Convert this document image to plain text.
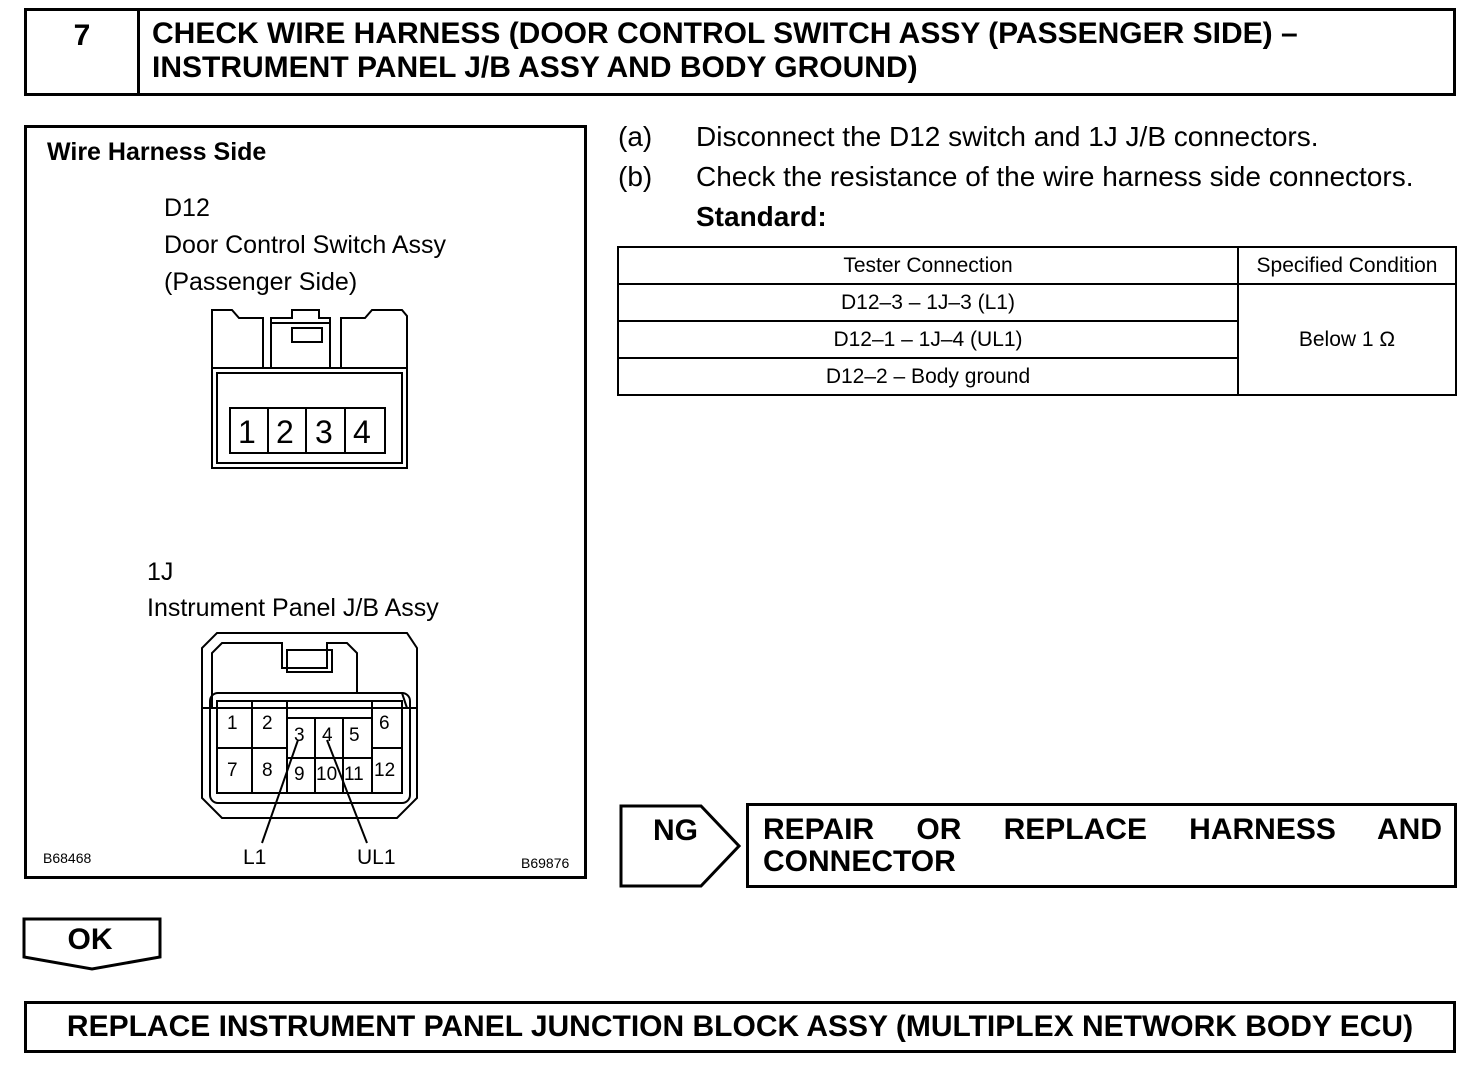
7	CHECK WIRE HARNESS (DOOR CONTROL SWITCH ASSY (PASSENGER SIDE) –
INSTRUMENT PANEL J/B ASSY AND BODY GROUND)
Wire Harness Side
D12
Door Control Switch Assy
(Passenger Side)
1 2 3 4
1J
Instrument Panel J/B Assy
1 2
3 4 5
6
7 8 9 10 11 12
L1	UL1
B68468	B69876
(a) Disconnect the D12 switch and 1J J/B connectors.
(b) Check the resistance of the wire harness side connectors.
Standard:
Tester Connection	Specified Condition
D12–3 – 1J–3 (L1)	Below 1 Ω
D12–1 – 1J–4 (UL1)	
D12–2 – Body ground	
NG REPAIR OR REPLACE HARNESS AND
CONNECTOR
OK
REPLACE INSTRUMENT PANEL JUNCTION BLOCK ASSY (MULTIPLEX NETWORK BODY ECU)
